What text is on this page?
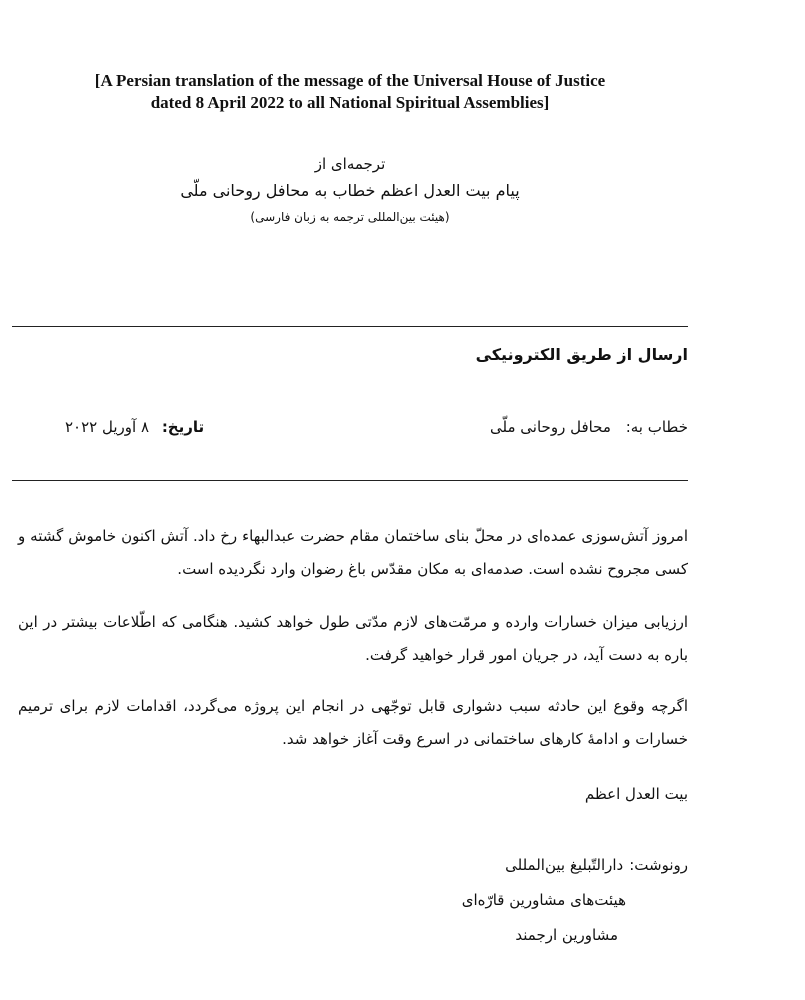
[A Persian translation of the message of the Universal House of Justice
dated 8 April 2022 to all National Spiritual Assemblies]
ترجمه‌ای از
پیام بیت العدل اعظم خطاب به محافل روحانی ملّی
(هیئت بین‌المللی ترجمه به زبان فارسی)
ارسال از طریق الکترونیکی
خطاب به: محافل روحانی ملّی
تاریخ: ۸ آوریل ۲۰۲۲
امروز آتش‌سوزی عمده‌ای در محلّ بنای ساختمان مقام حضرت عبدالبهاء رخ داد. آتش اکنون خاموش گشته و کسی مجروح نشده است. صدمه‌ای به مکان مقدّس باغ رضوان وارد نگردیده است.
ارزیابی میزان خسارات وارده و مرمّت‌های لازم مدّتی طول خواهد کشید. هنگامی که اطّلاعات بیشتر در این باره به دست آید، در جریان امور قرار خواهید گرفت.
اگرچه وقوع این حادثه سبب دشواری قابل توجّهی در انجام این پروژه می‌گردد، اقدامات لازم برای ترمیم خسارات و ادامهٔ کارهای ساختمانی در اسرع وقت آغاز خواهد شد.
بیت العدل اعظم
رونوشت: دارالتّبلیغ بین‌المللی
هیئت‌های مشاورین قارّه‌ای
مشاورین ارجمند
